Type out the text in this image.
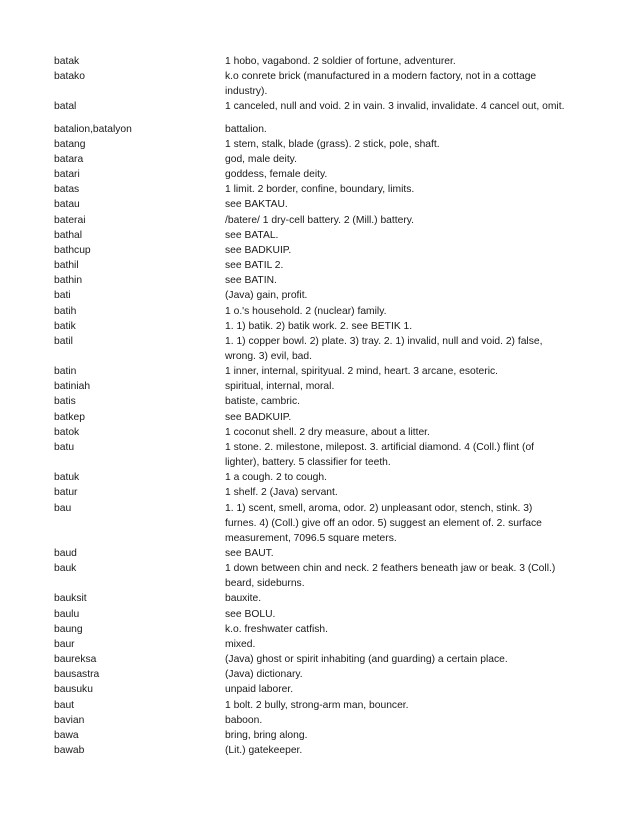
batak	1 hobo, vagabond. 2 soldier of fortune, adventurer.
batako	k.o conrete brick (manufactured in a modern factory, not in a cottage industry).
batal	1 canceled, null and void. 2 in vain. 3 invalid, invalidate. 4 cancel out, omit.
batalion,batalyon	battalion.
batang	1 stem, stalk, blade (grass). 2 stick, pole, shaft.
batara	god, male deity.
batari	goddess, female deity.
batas	1 limit. 2 border, confine, boundary, limits.
batau	see BAKTAU.
baterai	/batere/ 1 dry-cell battery. 2 (Mill.) battery.
bathal	see BATAL.
bathcup	see BADKUIP.
bathil	see BATIL 2.
bathin	see BATIN.
bati	(Java) gain, profit.
batih	1 o.'s household. 2 (nuclear) family.
batik	1. 1) batik. 2) batik work. 2. see BETIK 1.
batil	1. 1) copper bowl. 2) plate. 3) tray. 2. 1) invalid, null and void. 2) false, wrong. 3) evil, bad.
batin	1 inner, internal, spirityual. 2 mind, heart. 3 arcane, esoteric.
batiniah	spiritual, internal, moral.
batis	batiste, cambric.
batkep	see BADKUIP.
batok	1 coconut shell. 2 dry measure, about a litter.
batu	1 stone. 2. milestone, milepost. 3. artificial diamond. 4 (Coll.) flint (of lighter), battery. 5 classifier for teeth.
batuk	1 a cough. 2 to cough.
batur	1 shelf. 2 (Java) servant.
bau	1. 1) scent, smell, aroma, odor. 2) unpleasant odor, stench, stink. 3) furnes. 4) (Coll.) give off an odor. 5) suggest an element of. 2. surface measurement, 7096.5 square meters.
baud	see BAUT.
bauk	1 down between chin and neck. 2 feathers beneath jaw or beak. 3 (Coll.) beard, sideburns.
bauksit	bauxite.
baulu	see BOLU.
baung	k.o. freshwater catfish.
baur	mixed.
baureksa	(Java) ghost or spirit inhabiting (and guarding) a certain place.
bausastra	(Java) dictionary.
bausuku	unpaid laborer.
baut	1 bolt. 2 bully, strong-arm man, bouncer.
bavian	baboon.
bawa	bring, bring along.
bawab	(Lit.) gatekeeper.
